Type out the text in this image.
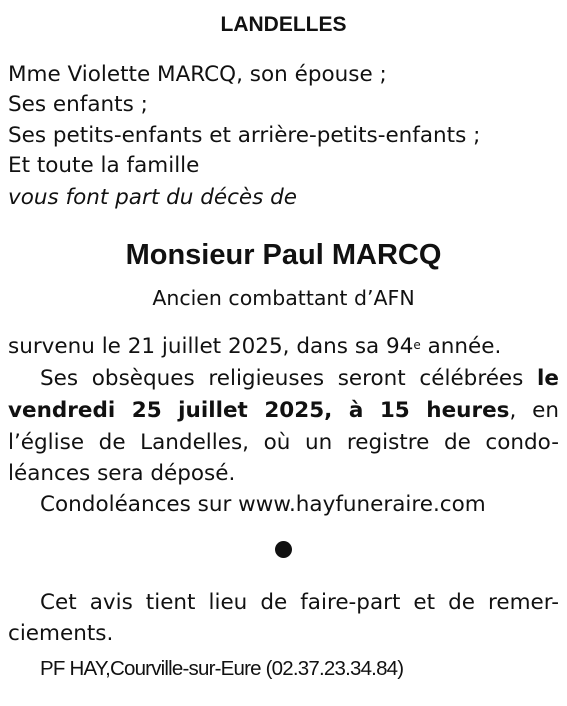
LANDELLES
Mme Violette MARCQ, son épouse ;
Ses enfants ;
Ses petits-enfants et arrière-petits-enfants ;
Et toute la famille
vous font part du décès de
Monsieur Paul MARCQ
Ancien combattant d’AFN
survenu le 21 juillet 2025, dans sa 94e année.
Ses obsèques religieuses seront célébrées le
vendredi 25 juillet 2025, à 15 heures, en
l’église de Landelles, où un registre de condo-
léances sera déposé.
Condoléances sur www.hayfuneraire.com
Cet avis tient lieu de faire-part et de remer-
ciements.
PF HAY,Courville-sur-Eure (02.37.23.34.84)
